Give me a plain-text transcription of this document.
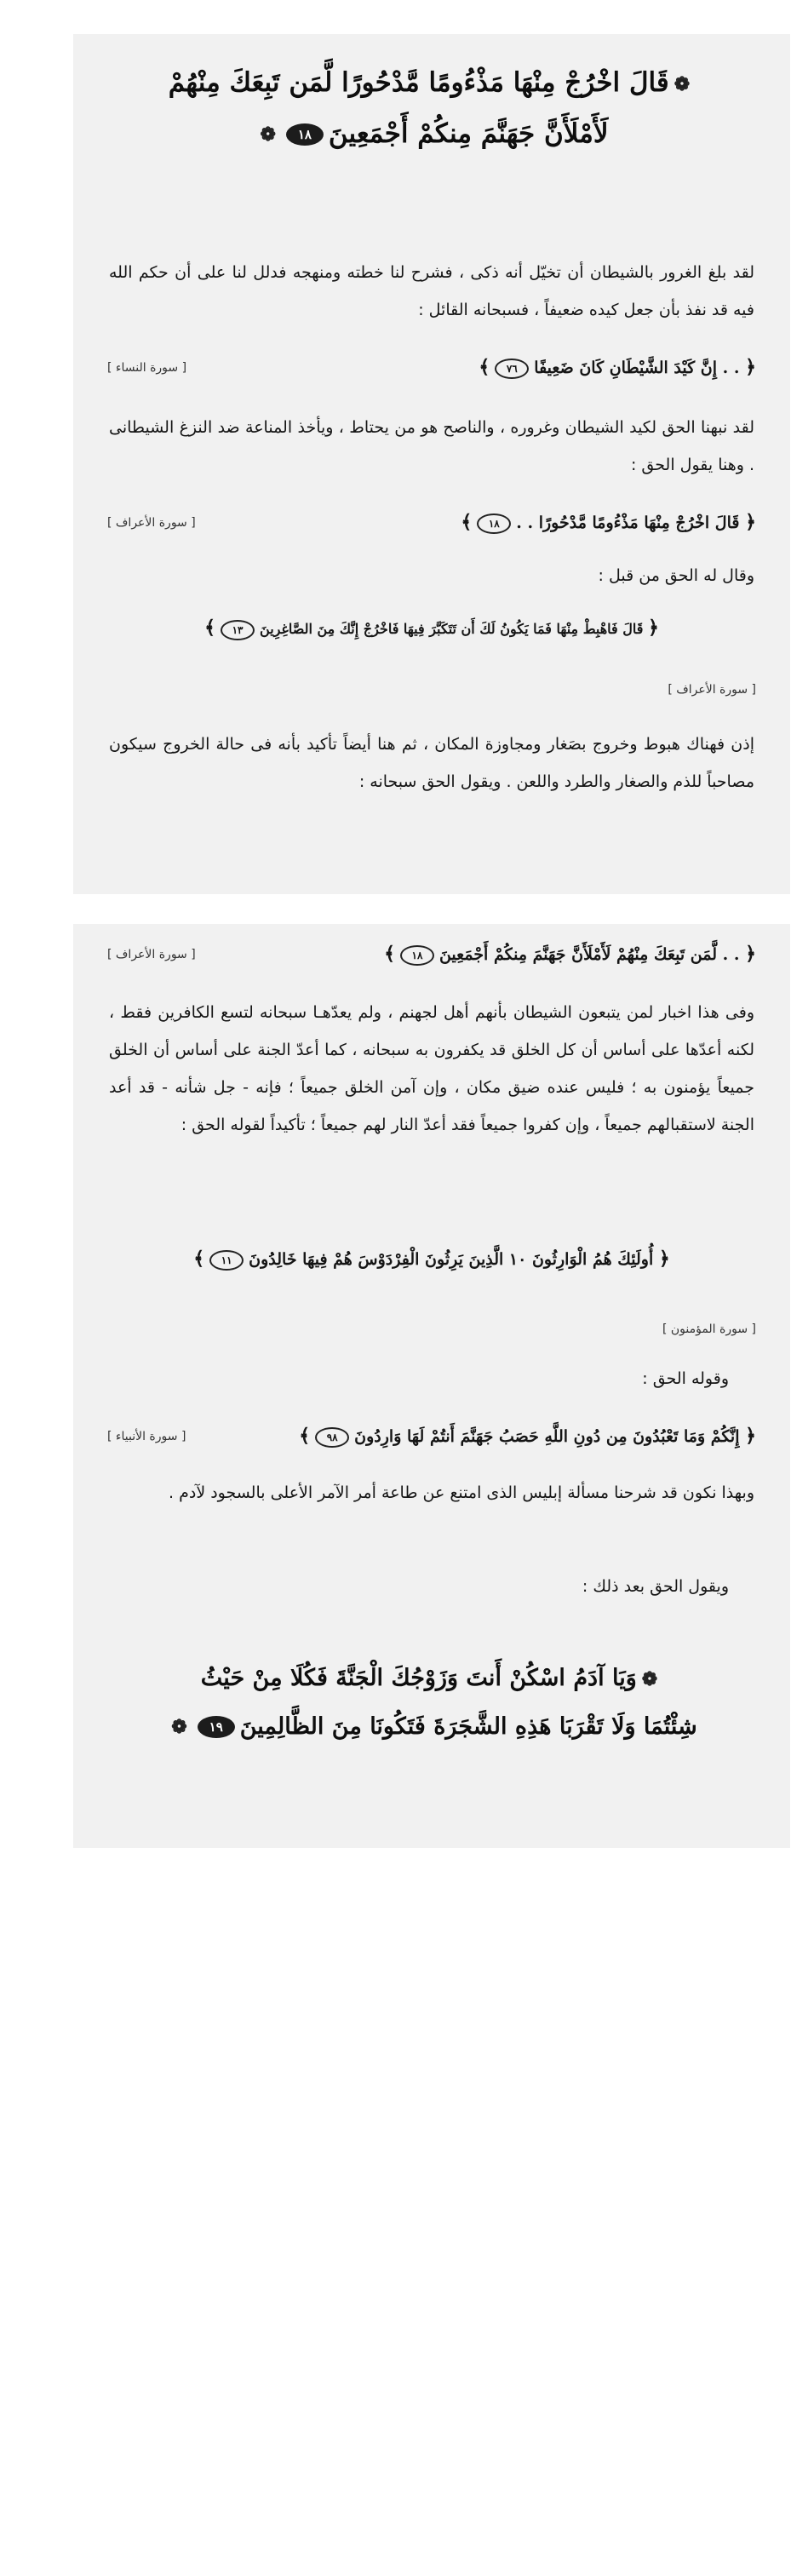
❁قَالَ اخْرُجْ مِنْهَا مَذْءُومًا مَّدْحُورًا لَّمَن تَبِعَكَ مِنْهُمْ
لَأَمْلَأَنَّ جَهَنَّمَ مِنكُمْ أَجْمَعِينَ١٨❁

لقد بلغ الغرور بالشيطان أن تخيّل أنه ذكى ، فشرح لنا خطته ومنهجه فدلل لنا على أن حكم الله فيه قد نفذ بأن جعل كيده ضعيفاً ، فسبحانه القائل :

﴿ . . إِنَّ كَيْدَ الشَّيْطَانِ كَانَ ضَعِيفًا٧٦﴾
[ سورة النساء ]

لقد نبهنا الحق لكيد الشيطان وغروره ، والناصح هو من يحتاط ، ويأخذ المناعة ضد النزغ الشيطانى . وهنا يقول الحق :

﴿ قَالَ اخْرُجْ مِنْهَا مَذْءُومًا مَّدْحُورًا . .١٨﴾
[ سورة الأعراف ]

وقال له الحق من قبل :

﴿ قَالَ فَاهْبِطْ مِنْهَا فَمَا يَكُونُ لَكَ أَن تَتَكَبَّرَ فِيهَا فَاخْرُجْ إِنَّكَ مِنَ الصَّاغِرِينَ١٣﴾
[ سورة الأعراف ]

إذن فهناك هبوط وخروج بصَغار ومجاوزة المكان ، ثم هنا أيضاً تأكيد بأنه فى حالة الخروج سيكون مصاحباً للذم والصغار والطرد واللعن . ويقول الحق سبحانه :

﴿ . . لَّمَن تَبِعَكَ مِنْهُمْ لَأَمْلَأَنَّ جَهَنَّمَ مِنكُمْ أَجْمَعِينَ١٨﴾
[ سورة الأعراف ]

وفى هذا اخبار لمن يتبعون الشيطان بأنهم أهل لجهنم ، ولم يعدّهـا سبحانه لتسع الكافرين فقط ، لكنه أعدّها على أساس أن كل الخلق قد يكفرون به سبحانه ، كما أعدّ الجنة على أساس أن الخلق جميعاً يؤمنون به ؛ فليس عنده ضيق مكان ، وإن آمن الخلق جميعاً ؛ فإنه - جل شأنه - قد أعد الجنة لاستقبالهم جميعاً ، وإن كفروا جميعاً فقد أعدّ النار لهم جميعاً ؛ تأكيداً لقوله الحق :

﴿ أُولَئِكَ هُمُ الْوَارِثُونَ ١٠ الَّذِينَ يَرِثُونَ الْفِرْدَوْسَ هُمْ فِيهَا خَالِدُونَ١١﴾
[ سورة المؤمنون ]

وقوله الحق :

﴿ إِنَّكُمْ وَمَا تَعْبُدُونَ مِن دُونِ اللَّهِ حَصَبُ جَهَنَّمَ أَنتُمْ لَهَا وَارِدُونَ٩٨﴾
[ سورة الأنبياء ]

وبهذا نكون قد شرحنا مسألة إبليس الذى امتنع عن طاعة أمر الآمر الأعلى بالسجود لآدم .

ويقول الحق بعد ذلك :

❁وَيَا آدَمُ اسْكُنْ أَنتَ وَزَوْجُكَ الْجَنَّةَ فَكُلَا مِنْ حَيْثُ
شِئْتُمَا وَلَا تَقْرَبَا هَذِهِ الشَّجَرَةَ فَتَكُونَا مِنَ الظَّالِمِينَ١٩❁
